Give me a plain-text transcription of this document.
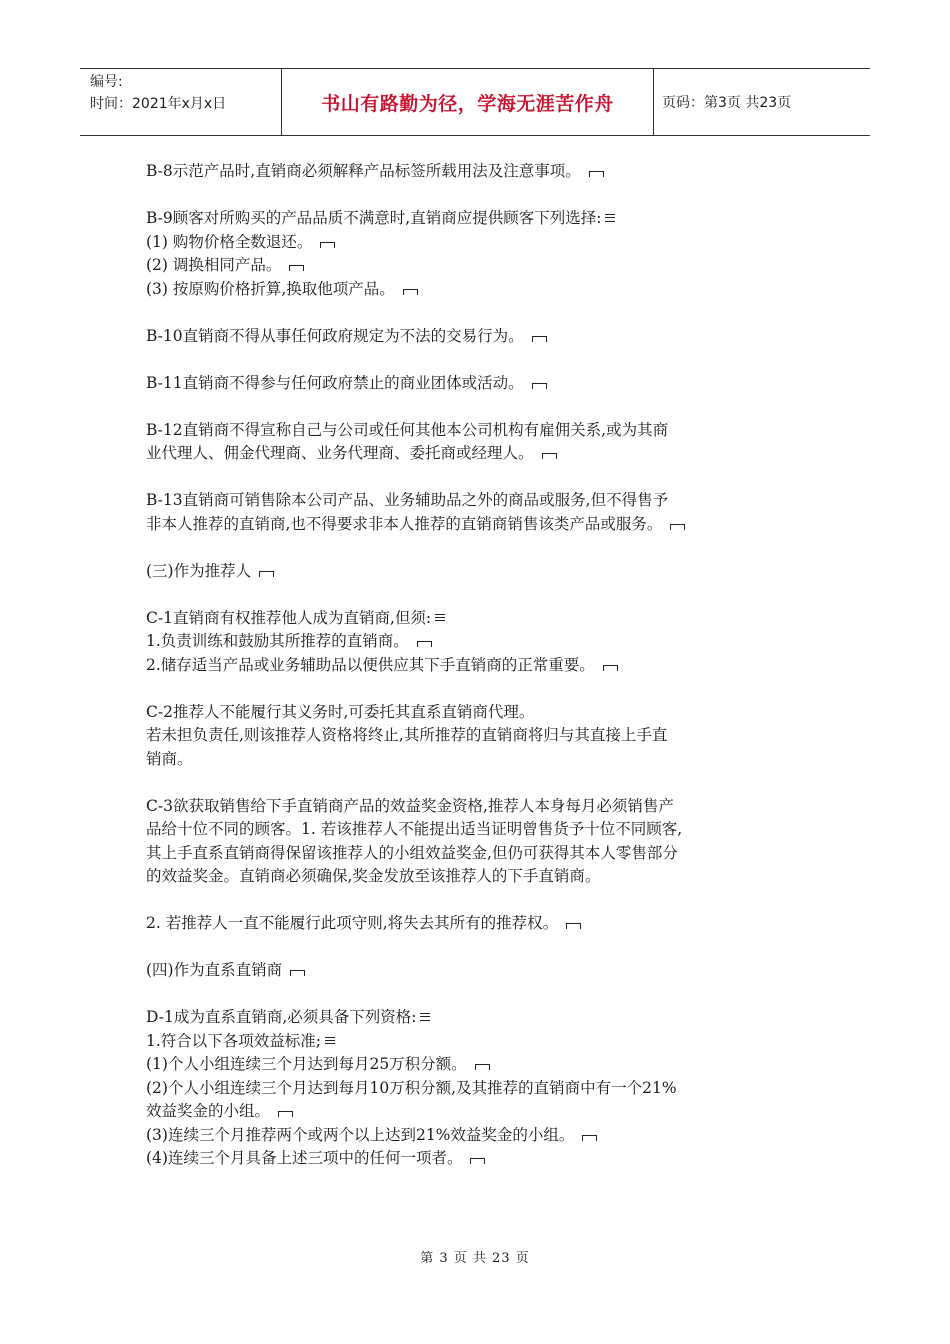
编号:
时间：2021年x月x日	书山有路勤为径，学海无涯苦作舟	页码：第3页 共23页

B-8示范产品时,直销商必须解释产品标签所载用法及注意事项。

B-9顾客对所购买的产品品质不满意时,直销商应提供顾客下列选择:

(1) 购物价格全数退还。

(2) 调换相同产品。

(3) 按原购价格折算,换取他项产品。

B-10直销商不得从事任何政府规定为不法的交易行为。

B-11直销商不得参与任何政府禁止的商业团体或活动。

B-12直销商不得宣称自己与公司或任何其他本公司机构有雇佣关系,或为其商

业代理人、佣金代理商、业务代理商、委托商或经理人。

B-13直销商可销售除本公司产品、业务辅助品之外的商品或服务,但不得售予

非本人推荐的直销商,也不得要求非本人推荐的直销商销售该类产品或服务。

(三)作为推荐人

C-1直销商有权推荐他人成为直销商,但须:

1.负责训练和鼓励其所推荐的直销商。

2.储存适当产品或业务辅助品以便供应其下手直销商的正常重要。

C-2推荐人不能履行其义务时,可委托其直系直销商代理。

若未担负责任,则该推荐人资格将终止,其所推荐的直销商将归与其直接上手直

销商。

C-3欲获取销售给下手直销商产品的效益奖金资格,推荐人本身每月必须销售产

品给十位不同的顾客。1. 若该推荐人不能提出适当证明曾售货予十位不同顾客,

其上手直系直销商得保留该推荐人的小组效益奖金,但仍可获得其本人零售部分

的效益奖金。直销商必须确保,奖金发放至该推荐人的下手直销商。

2. 若推荐人一直不能履行此项守则,将失去其所有的推荐权。

(四)作为直系直销商

D-1成为直系直销商,必须具备下列资格:

1.符合以下各项效益标准;

(1)个人小组连续三个月达到每月25万积分额。

(2)个人小组连续三个月达到每月10万积分额,及其推荐的直销商中有一个21%

效益奖金的小组。

(3)连续三个月推荐两个或两个以上达到21%效益奖金的小组。

(4)连续三个月具备上述三项中的任何一项者。

第 3 页 共 23 页
